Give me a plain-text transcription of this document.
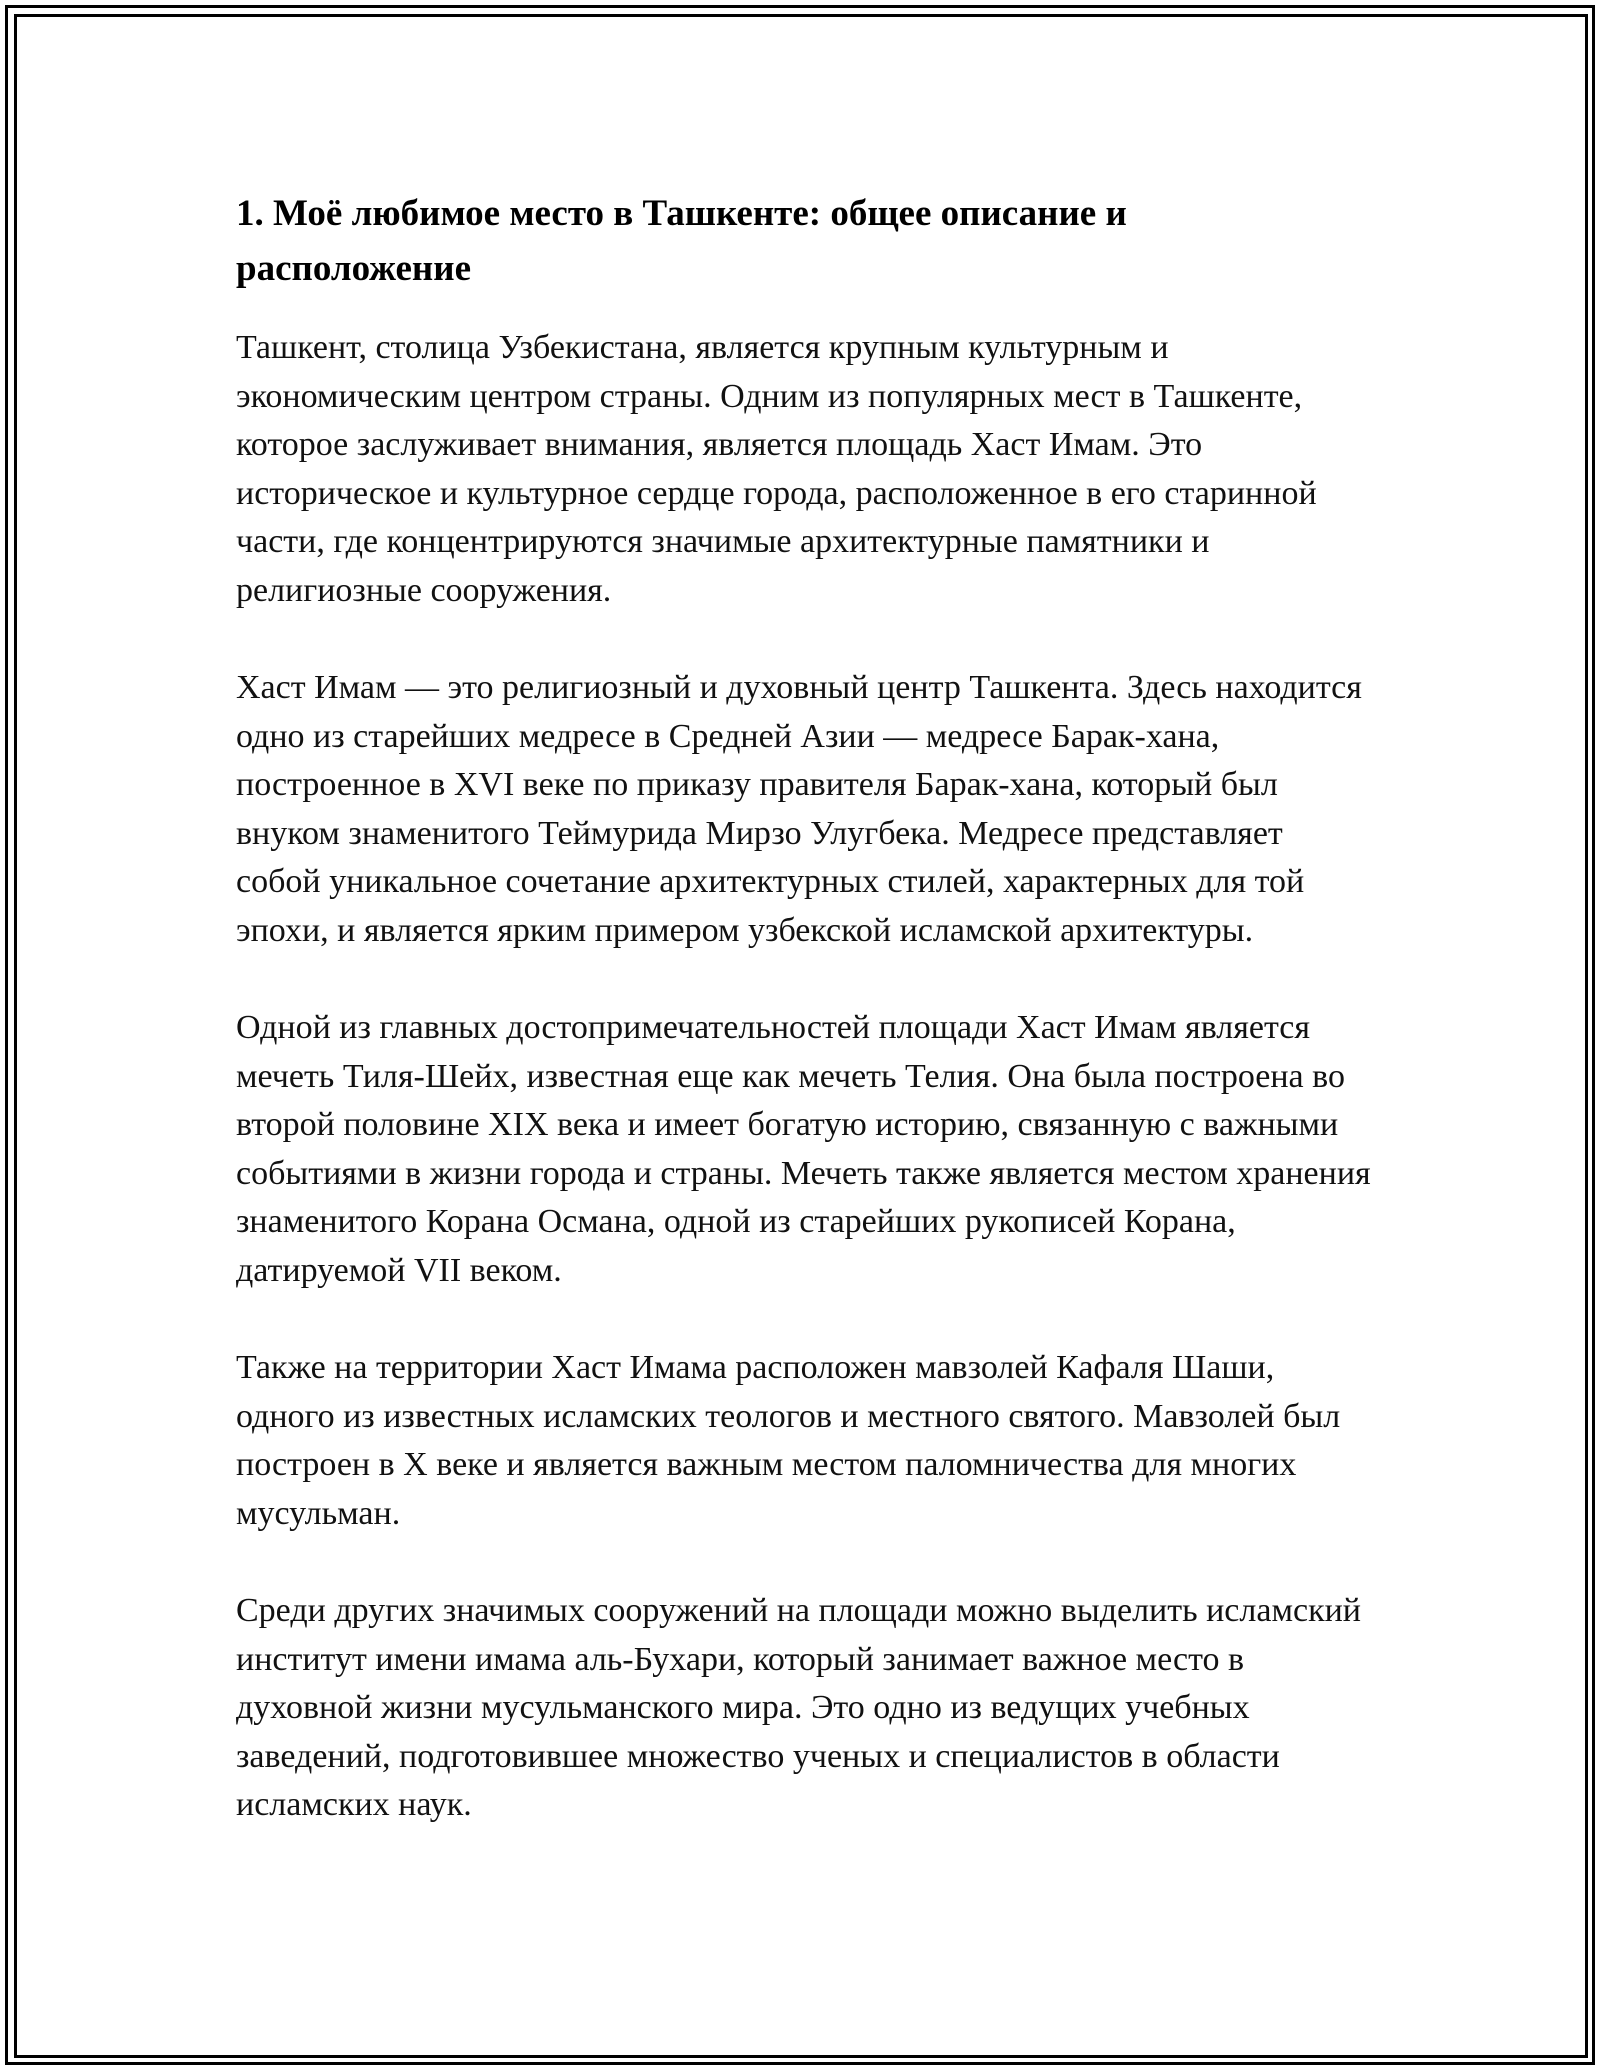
1. Моё любимое место в Ташкенте: общее описание и расположение

Ташкент, столица Узбекистана, является крупным культурным и экономическим центром страны. Одним из популярных мест в Ташкенте, которое заслуживает внимания, является площадь Хаст Имам. Это историческое и культурное сердце города, расположенное в его старинной части, где концентрируются значимые архитектурные памятники и религиозные сооружения.

Хаст Имам — это религиозный и духовный центр Ташкента. Здесь находится одно из старейших медресе в Средней Азии — медресе Барак-хана, построенное в XVI веке по приказу правителя Барак-хана, который был внуком знаменитого Теймурида Мирзо Улугбека. Медресе представляет собой уникальное сочетание архитектурных стилей, характерных для той эпохи, и является ярким примером узбекской исламской архитектуры.

Одной из главных достопримечательностей площади Хаст Имам является мечеть Тиля-Шейх, известная еще как мечеть Телия. Она была построена во второй половине XIX века и имеет богатую историю, связанную с важными событиями в жизни города и страны. Мечеть также является местом хранения знаменитого Корана Османа, одной из старейших рукописей Корана, датируемой VII веком.

Также на территории Хаст Имама расположен мавзолей Кафаля Шаши, одного из известных исламских теологов и местного святого. Мавзолей был построен в X веке и является важным местом паломничества для многих мусульман.

Среди других значимых сооружений на площади можно выделить исламский институт имени имама аль-Бухари, который занимает важное место в духовной жизни мусульманского мира. Это одно из ведущих учебных заведений, подготовившее множество ученых и специалистов в области исламских наук.
